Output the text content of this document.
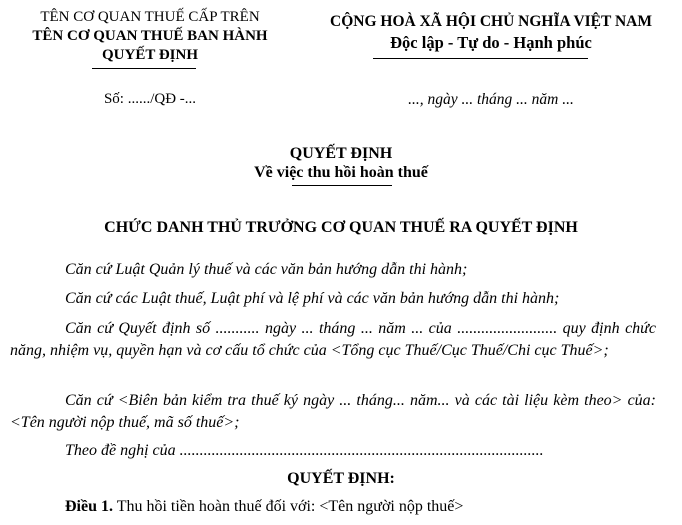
TÊN CƠ QUAN THUẾ CẤP TRÊN
TÊN CƠ QUAN THUẾ BAN HÀNH
QUYẾT ĐỊNH
Số: ....../QĐ -...
CỘNG HOÀ XÃ HỘI CHỦ NGHĨA VIỆT NAM
Độc lập - Tự do - Hạnh phúc
..., ngày ... tháng ... năm ...
QUYẾT ĐỊNH
Về việc thu hồi hoàn thuế
CHỨC DANH THỦ TRƯỞNG CƠ QUAN THUẾ RA QUYẾT ĐỊNH
Căn cứ Luật Quản lý thuế và các văn bản hướng dẫn thi hành;
Căn cứ các Luật thuế, Luật phí và lệ phí và các văn bản hướng dẫn thi hành;
Căn cứ Quyết định số ........... ngày ... tháng ... năm ... của ......................... quy định chức năng, nhiệm vụ, quyền hạn và cơ cấu tổ chức của <Tổng cục Thuế/Cục Thuế/Chi cục Thuế>;
Căn cứ <Biên bản kiểm tra thuế ký ngày ... tháng... năm... và các tài liệu kèm theo> của: <Tên người nộp thuế, mã số thuế>;
Theo đề nghị của ...........................................................................................
QUYẾT ĐỊNH:
Điều 1. Thu hồi tiền hoàn thuế đối với: <Tên người nộp thuế>
